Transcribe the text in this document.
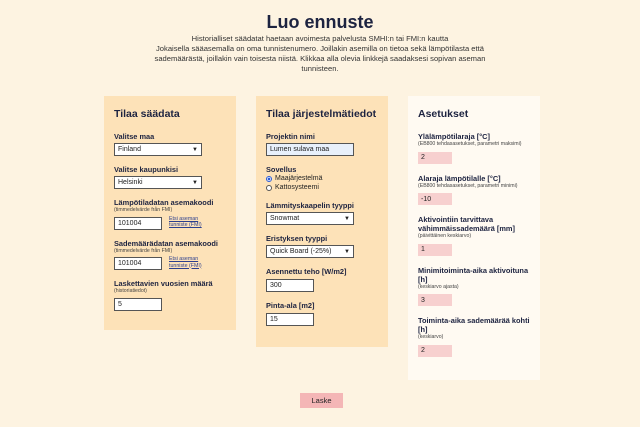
Luo ennuste
Historialliset säädatat haetaan avoimesta palvelusta SMHI:n tai FMI:n kautta
Jokaisella sääasemalla on oma tunnistenumero. Joillakin asemilla on tietoa sekä lämpötilasta että
sademäärästä, joillakin vain toisesta niistä. Klikkaa alla olevia linkkejä saadaksesi sopivan aseman
tunnisteen.
Tilaa säädata
Valitse maa
Finland	▼
Valitse kaupunkisi
Helsinki	▼
Lämpötiladatan asemakoodi
(timmedelvärde från FMI)
101004
Etsi aseman tunniste (FMI)
Sademäärädatan asemakoodi
(timmedelvärde från FMI)
101004
Etsi aseman tunniste (FMI)
Laskettavien vuosien määrä
(historiatiedot)
5
Tilaa järjestelmätiedot
Projektin nimi
Lumen sulava maa
Sovellus
Maajärjestelmä
Kattosysteemi
Lämmityskaapelin tyyppi
Snowmat	▼
Eristyksen tyyppi
Quick Board (-25%) ▼
Asennettu teho [W/m2]
300
Pinta-ala [m2]
15
Asetukset
Ylälämpötilaraja [°C]
(EB800 tehdasasetukset, parametri maksimi)
2
Alaraja lämpötilalle [°C]
(EB800 tehdasasetukset, parametri minimi)
-10
Aktivointiin tarvittava vähimmäissademäärä [mm]
(päivittäinen keskiarvo)
1
Minimitoiminta-aika aktivoituna [h]
(keskiarvo ajasta)
3
Toiminta-aika sademäärää kohti [h]
(keskiarvo)
2
Laske
